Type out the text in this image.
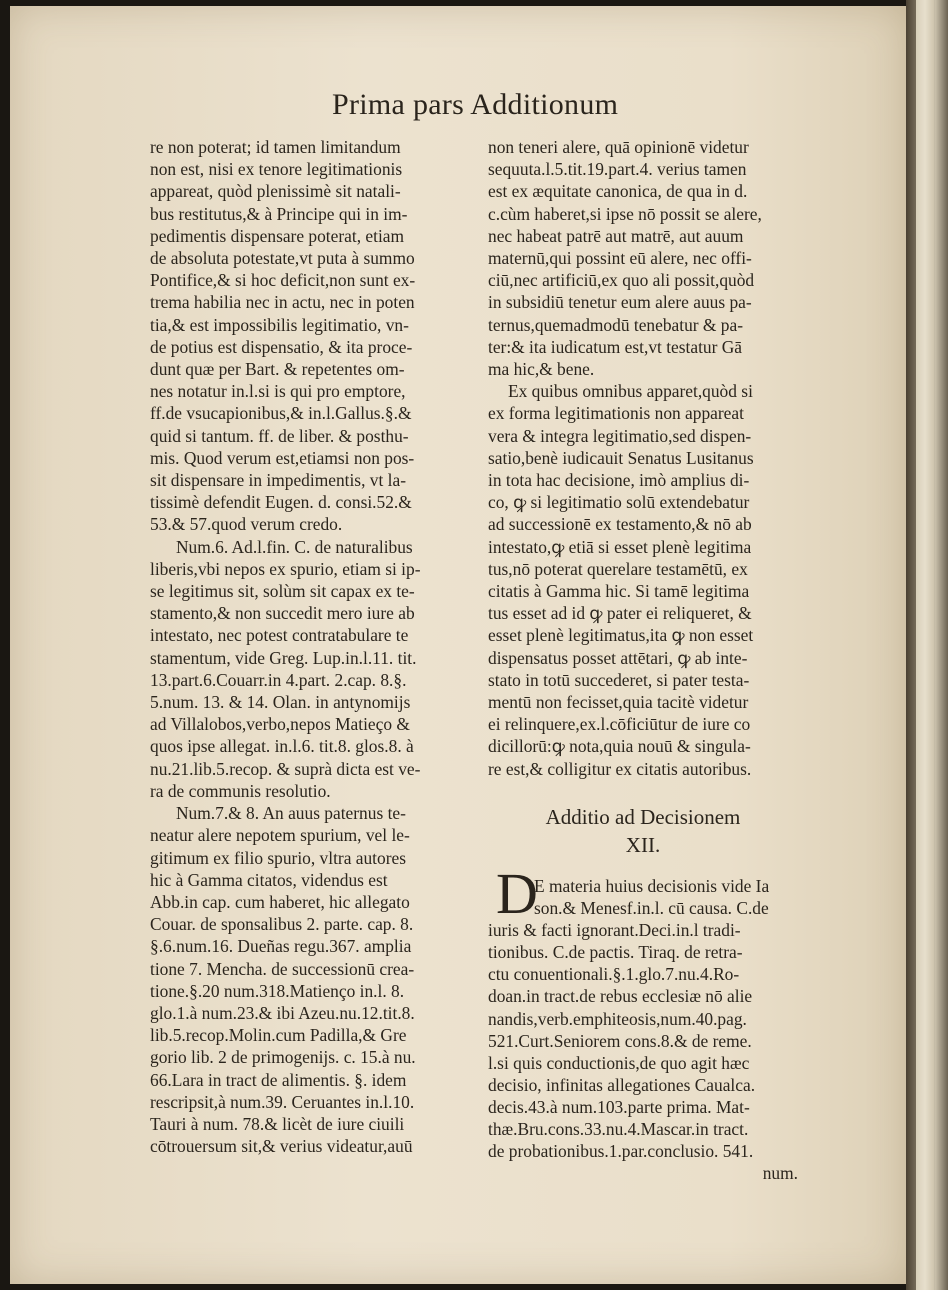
Prima pars Additionum
re non poterat; id tamen limitandum
non est, nisi ex tenore legitimationis
appareat, quòd plenissimè sit natali-
bus restitutus,& à Principe qui in im-
pedimentis dispensare poterat, etiam
de absoluta potestate,vt puta à summo
Pontifice,& si hoc deficit,non sunt ex-
trema habilia nec in actu, nec in poten
tia,& est impossibilis legitimatio, vn-
de potius est dispensatio, & ita proce-
dunt quæ per Bart. & repetentes om-
nes notatur in.l.si is qui pro emptore,
ff.de vsucapionibus,& in.l.Gallus.§.&
quid si tantum. ff. de liber. & posthu-
mis. Quod verum est,etiamsi non pos-
sit dispensare in impedimentis, vt la-
tissimè defendit Eugen. d. consi.52.&
53.& 57.quod verum credo.
Num.6. Ad.l.fin. C. de naturalibus
liberis,vbi nepos ex spurio, etiam si ip-
se legitimus sit, solùm sit capax ex te-
stamento,& non succedit mero iure ab
intestato, nec potest contratabulare te
stamentum, vide Greg. Lup.in.l.11. tit.
13.part.6.Couarr.in 4.part. 2.cap. 8.§.
5.num. 13. & 14. Olan. in antynomijs
ad Villalobos,verbo,nepos Matieço &
quos ipse allegat. in.l.6. tit.8. glos.8. à
nu.21.lib.5.recop. & suprà dicta est ve-
ra de communis resolutio.
Num.7.& 8. An auus paternus te-
neatur alere nepotem spurium, vel le-
gitimum ex filio spurio, vltra autores
hic à Gamma citatos, videndus est
Abb.in cap. cum haberet, hic allegato
Couar. de sponsalibus 2. parte. cap. 8.
§.6.num.16. Dueñas regu.367. amplia
tione 7. Mencha. de successionū crea-
tione.§.20 num.318.Matienço in.l. 8.
glo.1.à num.23.& ibi Azeu.nu.12.tit.8.
lib.5.recop.Molin.cum Padilla,& Gre
gorio lib. 2 de primogenijs. c. 15.à nu.
66.Lara in tract de alimentis. §. idem
rescripsit,à num.39. Ceruantes in.l.10.
Tauri à num. 78.& licèt de iure ciuili
cōtrouersum sit,& verius videatur,auū
non teneri alere, quā opinionē videtur
sequuta.l.5.tit.19.part.4. verius tamen
est ex æquitate canonica, de qua in d.
c.cùm haberet,si ipse nō possit se alere,
nec habeat patrē aut matrē, aut auum
maternū,qui possint eū alere, nec offi-
ciū,nec artificiū,ex quo ali possit,quòd
in subsidiū tenetur eum alere auus pa-
ternus,quemadmodū tenebatur & pa-
ter:& ita iudicatum est,vt testatur Gā
ma hic,& bene.
Ex quibus omnibus apparet,quòd si
ex forma legitimationis non appareat
vera & integra legitimatio,sed dispen-
satio,benè iudicauit Senatus Lusitanus
in tota hac decisione, imò amplius di-
co, ꝙ si legitimatio solū extendebatur
ad successionē ex testamento,& nō ab
intestato,ꝙ etiā si esset plenè legitima
tus,nō poterat querelare testamētū, ex
citatis à Gamma hic. Si tamē legitima
tus esset ad id ꝙ pater ei reliqueret, &
esset plenè legitimatus,ita ꝙ non esset
dispensatus posset attētari, ꝙ ab inte-
stato in totū succederet, si pater testa-
mentū non fecisset,quia tacitè videtur
ei relinquere,ex.l.cōficiūtur de iure co
dicillorū:ꝙ nota,quia nouū & singula-
re est,& colligitur ex citatis autoribus.
Additio ad Decisionem
XII.
D
E materia huius decisionis vide Ia
son.& Menesf.in.l. cū causa. C.de
iuris & facti ignorant.Deci.in.l tradi-
tionibus. C.de pactis. Tiraq. de retra-
ctu conuentionali.§.1.glo.7.nu.4.Ro-
doan.in tract.de rebus ecclesiæ nō alie
nandis,verb.emphiteosis,num.40.pag.
521.Curt.Seniorem cons.8.& de reme.
l.si quis conductionis,de quo agit hæc
decisio, infinitas allegationes Caualca.
decis.43.à num.103.parte prima. Mat-
thæ.Bru.cons.33.nu.4.Mascar.in tract.
de probationibus.1.par.conclusio. 541.
num.
